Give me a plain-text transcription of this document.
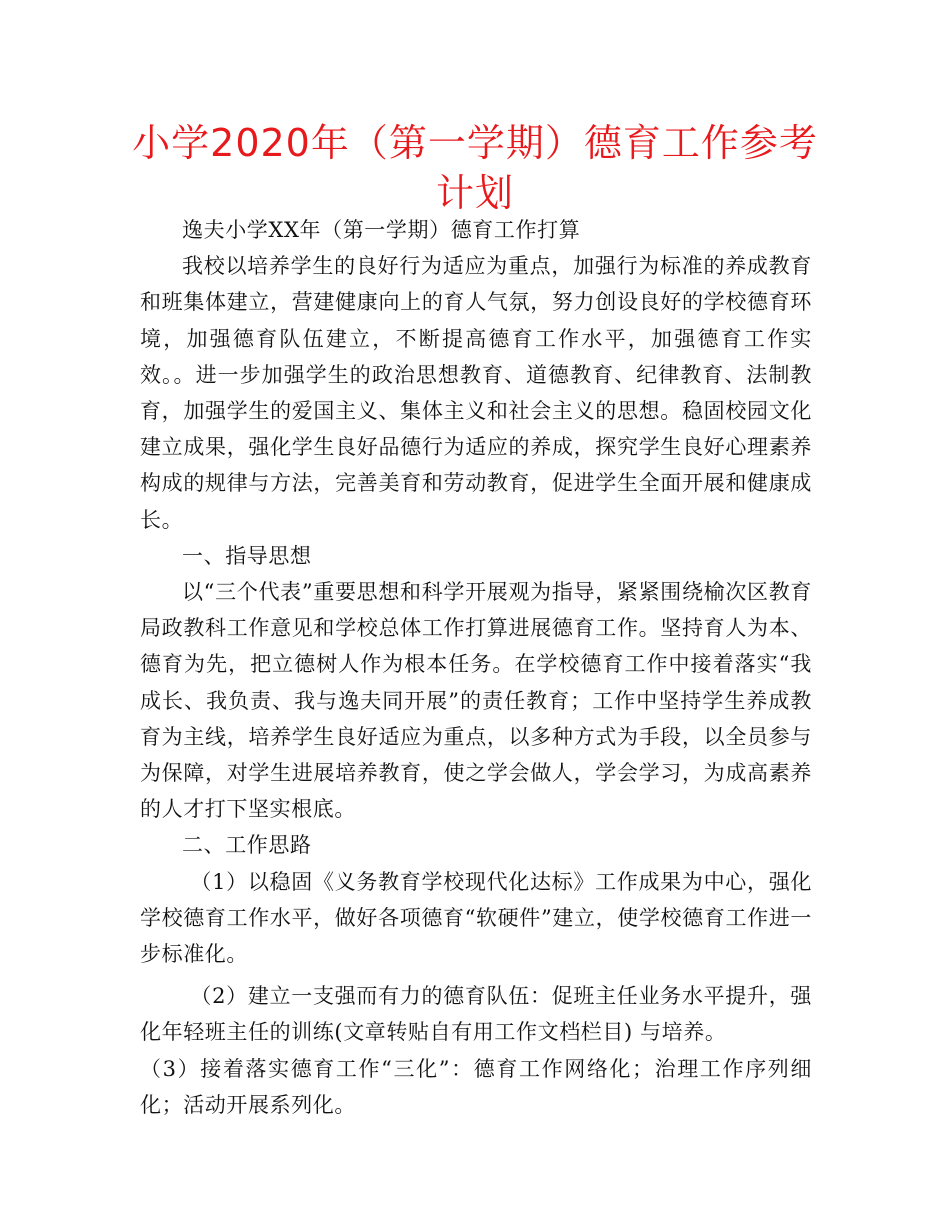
小学2020年（第一学期）德育工作参考计划

逸夫小学XX年（第一学期）德育工作打算

我校以培养学生的良好行为适应为重点，加强行为标准的养成教育和班集体建立，营建健康向上的育人气氛，努力创设良好的学校德育环境，加强德育队伍建立，不断提高德育工作水平，加强德育工作实效。。进一步加强学生的政治思想教育、道德教育、纪律教育、法制教育，加强学生的爱国主义、集体主义和社会主义的思想。稳固校园文化建立成果，强化学生良好品德行为适应的养成，探究学生良好心理素养构成的规律与方法，完善美育和劳动教育，促进学生全面开展和健康成长。

一、指导思想

以“三个代表”重要思想和科学开展观为指导，紧紧围绕榆次区教育局政教科工作意见和学校总体工作打算进展德育工作。坚持育人为本、德育为先，把立德树人作为根本任务。在学校德育工作中接着落实“我成长、我负责、我与逸夫同开展”的责任教育；工作中坚持学生养成教育为主线，培养学生良好适应为重点，以多种方式为手段，以全员参与为保障，对学生进展培养教育，使之学会做人，学会学习，为成高素养的人才打下坚实根底。

二、工作思路

（1）以稳固《义务教育学校现代化达标》工作成果为中心，强化学校德育工作水平，做好各项德育“软硬件”建立，使学校德育工作进一步标准化。

（2）建立一支强而有力的德育队伍：促班主任业务水平提升，强化年轻班主任的训练(文章转贴自有用工作文档栏目) 与培养。

（3）接着落实德育工作“三化”：德育工作网络化；治理工作序列细化；活动开展系列化。
